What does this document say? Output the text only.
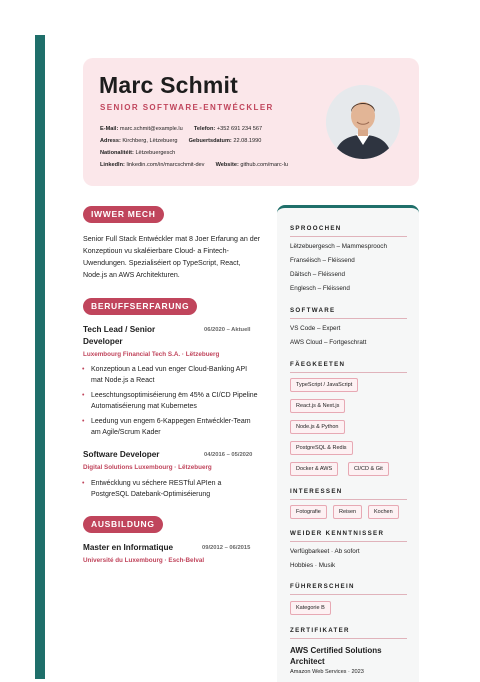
Marc Schmit
SENIOR SOFTWARE-ENTWÉCKLER
E-Mail: marc.schmit@example.lu Telefon: +352 691 234 567
Adress: Kirchberg, Lëtzebuerg Gebuertsdatum: 22.08.1990
Nationalitéit: Lëtzebuergesch
LinkedIn: linkedin.com/in/marcschmit-dev Website: github.com/marc-lu
IWWER MECH
Senior Full Stack Entwéckler mat 8 Joer Erfarung an der Konzeptioun vu skaléierbare Cloud- a Fintech-Uwendungen. Spezialiséiert op TypeScript, React, Node.js an AWS Architekturen.
BERUFFSERFARUNG
Tech Lead / Senior Developer
06/2020 – Aktuell
Luxembourg Financial Tech S.A. · Lëtzebuerg
• Konzeptioun a Lead vun enger Cloud-Banking API mat Node.js a React
• Leeschtungsoptimiséierung ëm 45% a CI/CD Pipeline Automatiséierung mat Kubernetes
• Leedung vun engem 6-Kappegen Entwéckler-Team am Agile/Scrum Kader
Software Developer	04/2016 – 05/2020
Digital Solutions Luxembourg · Lëtzebuerg
• Entwécklung vu sécherе RESTful APIen a PostgreSQL Datebank-Optimiséierung
AUSBILDUNG
Master en Informatique	09/2012 – 06/2015
Université du Luxembourg · Esch-Belval
SPROOCHEN
Lëtzebuergesch – Mammesprooch
Franséisch – Fléissend
Däitsch – Fléissend
Englesch – Fléissend
SOFTWARE
VS Code – Expert
AWS Cloud – Fortgeschratt
FÄEGKEETEN
TypeScript / JavaScript
React.js & Next.js
Node.js & Python
PostgreSQL & Redis
Docker & AWS	CI/CD & Git
INTERESSEN
Fotografie	Reisen	Kochen
WEIDER KENNTNISSER
Verfügbarkeet · Ab sofort
Hobbies · Musik
FÜHRERSCHEIN
Kategorie B
ZERTIFIKATER
AWS Certified Solutions Architect
Amazon Web Services · 2023
